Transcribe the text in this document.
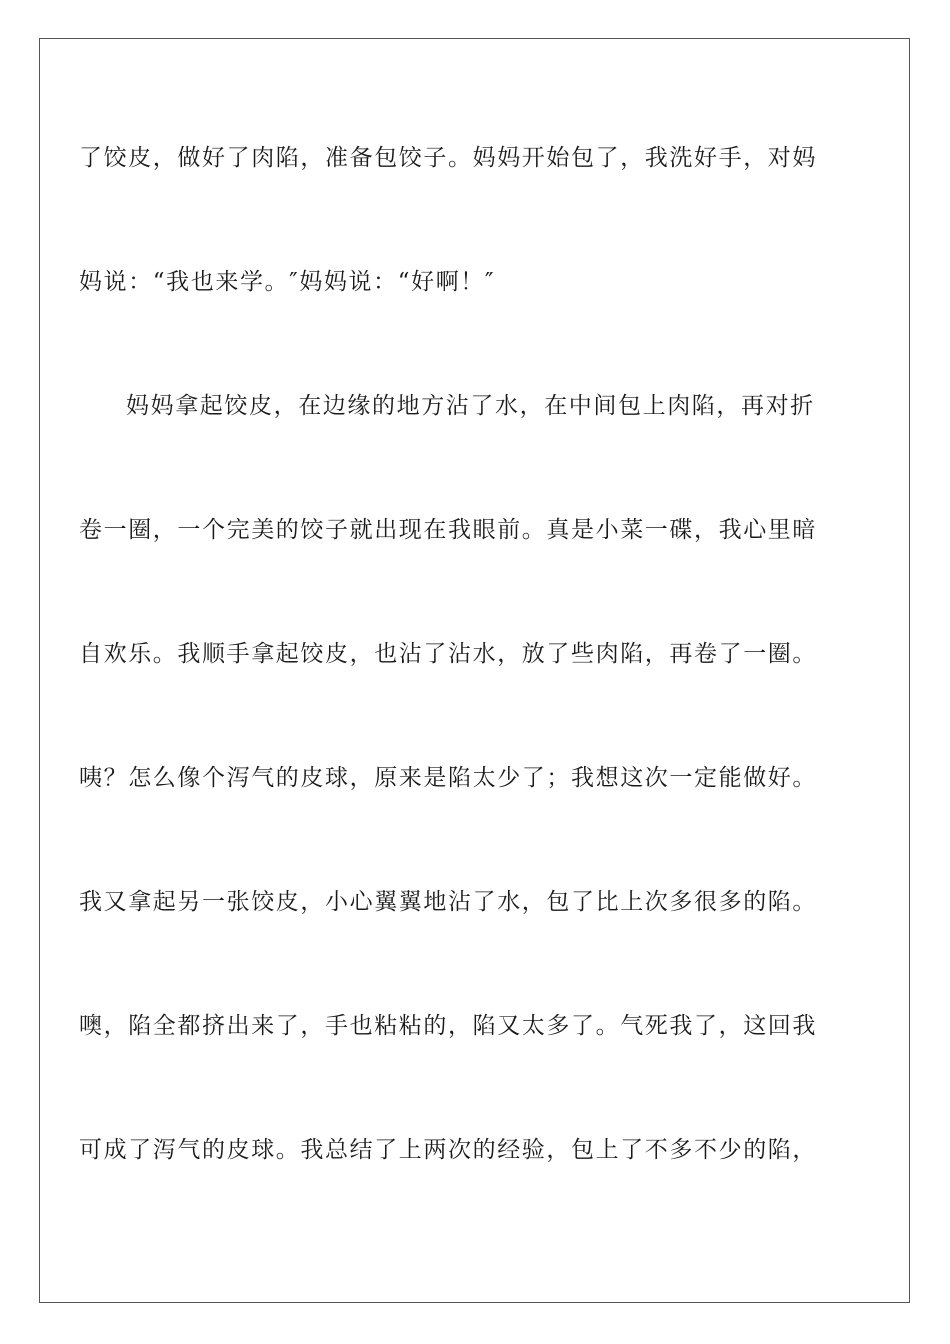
了饺皮，做好了肉陷，准备包饺子。妈妈开始包了，我洗好手，对妈

妈说：“我也来学。″妈妈说：“好啊！″

妈妈拿起饺皮，在边缘的地方沾了水，在中间包上肉陷，再对折

卷一圈，一个完美的饺子就出现在我眼前。真是小菜一碟，我心里暗

自欢乐。我顺手拿起饺皮，也沾了沾水，放了些肉陷，再卷了一圈。

咦？怎么像个泻气的皮球，原来是陷太少了；我想这次一定能做好。

我又拿起另一张饺皮，小心翼翼地沾了水，包了比上次多很多的陷。

噢，陷全都挤出来了，手也粘粘的，陷又太多了。气死我了，这回我

可成了泻气的皮球。我总结了上两次的经验，包上了不多不少的陷，
